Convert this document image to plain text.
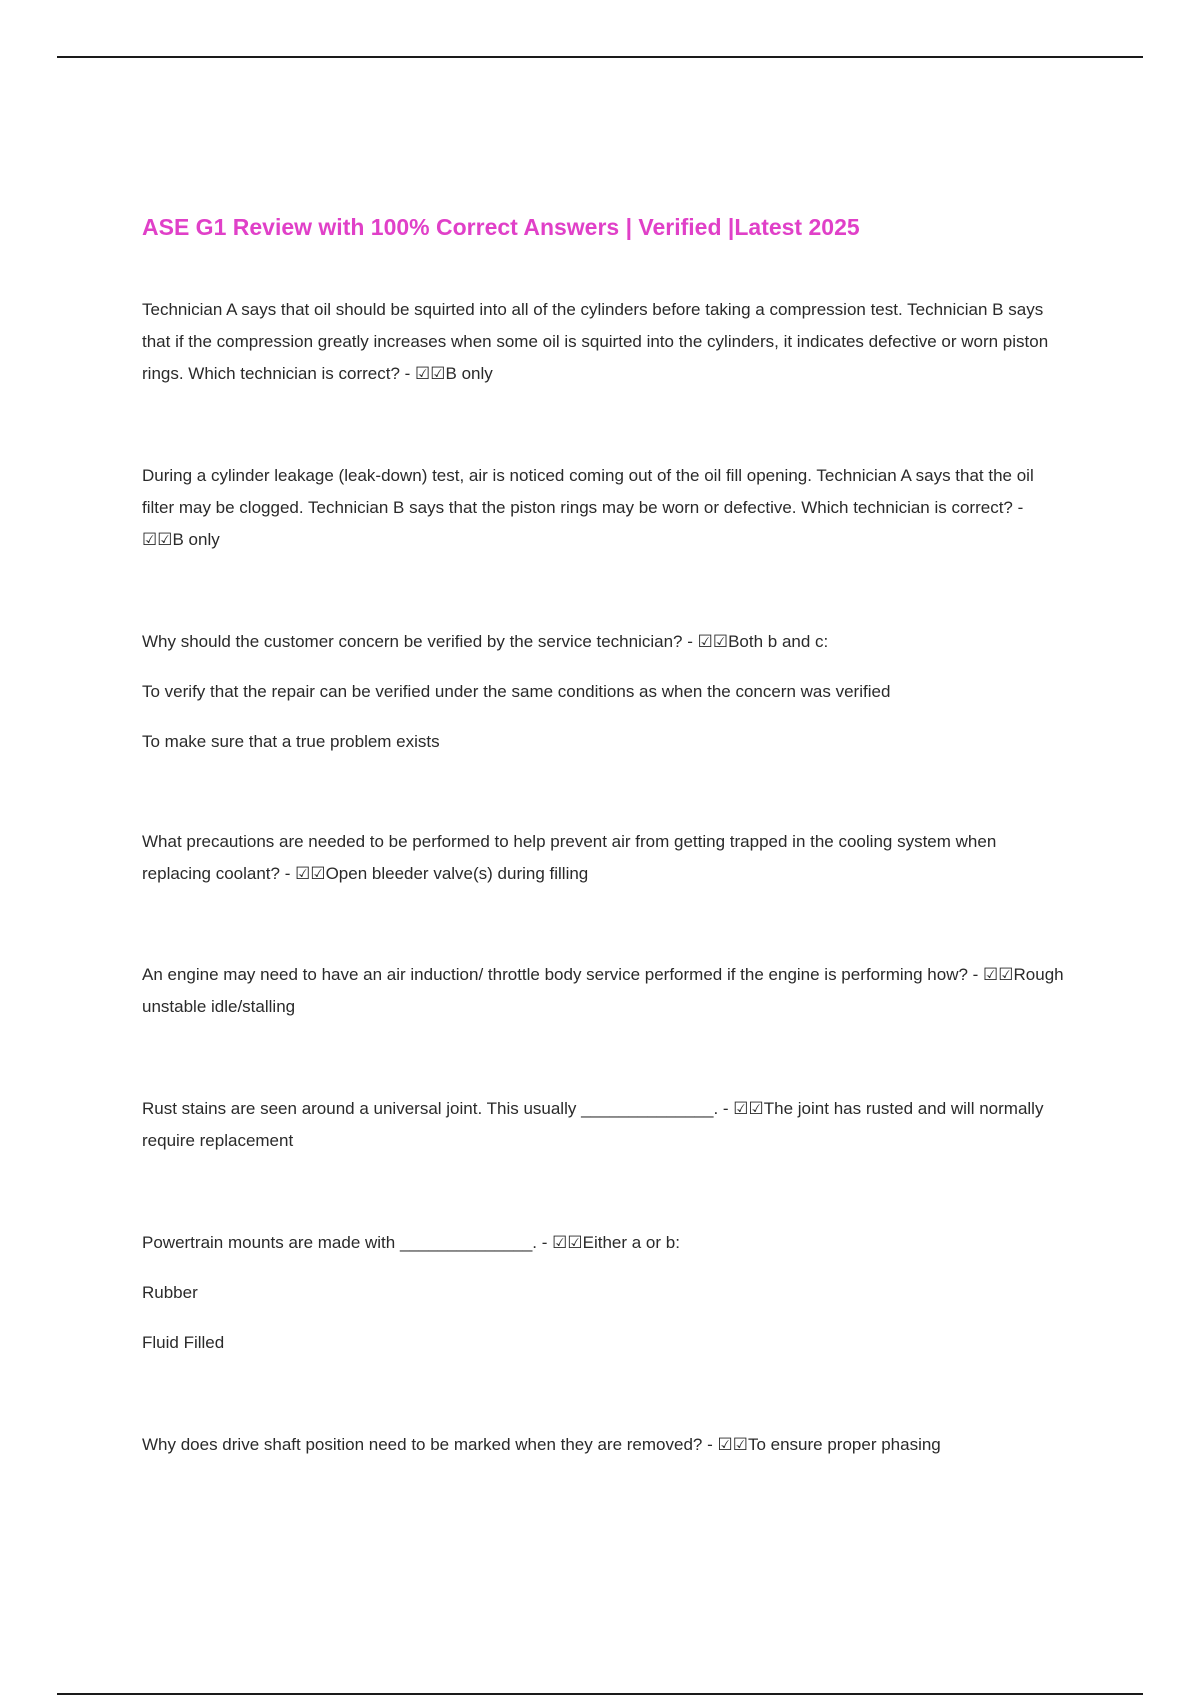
ASE G1 Review with 100% Correct Answers | Verified |Latest 2025

Technician A says that oil should be squirted into all of the cylinders before taking a compression test. Technician B says that if the compression greatly increases when some oil is squirted into the cylinders, it indicates defective or worn piston rings. Which technician is correct? - ☑☑B only

During a cylinder leakage (leak-down) test, air is noticed coming out of the oil fill opening. Technician A says that the oil filter may be clogged. Technician B says that the piston rings may be worn or defective. Which technician is correct? - ☑☑B only

Why should the customer concern be verified by the service technician? - ☑☑Both b and c:

To verify that the repair can be verified under the same conditions as when the concern was verified

To make sure that a true problem exists

What precautions are needed to be performed to help prevent air from getting trapped in the cooling system when replacing coolant? - ☑☑Open bleeder valve(s) during filling

An engine may need to have an air induction/ throttle body service performed if the engine is performing how? - ☑☑Rough unstable idle/stalling

Rust stains are seen around a universal joint. This usually ______________. - ☑☑The joint has rusted and will normally require replacement

Powertrain mounts are made with ______________. - ☑☑Either a or b:

Rubber

Fluid Filled

Why does drive shaft position need to be marked when they are removed? - ☑☑To ensure proper phasing
